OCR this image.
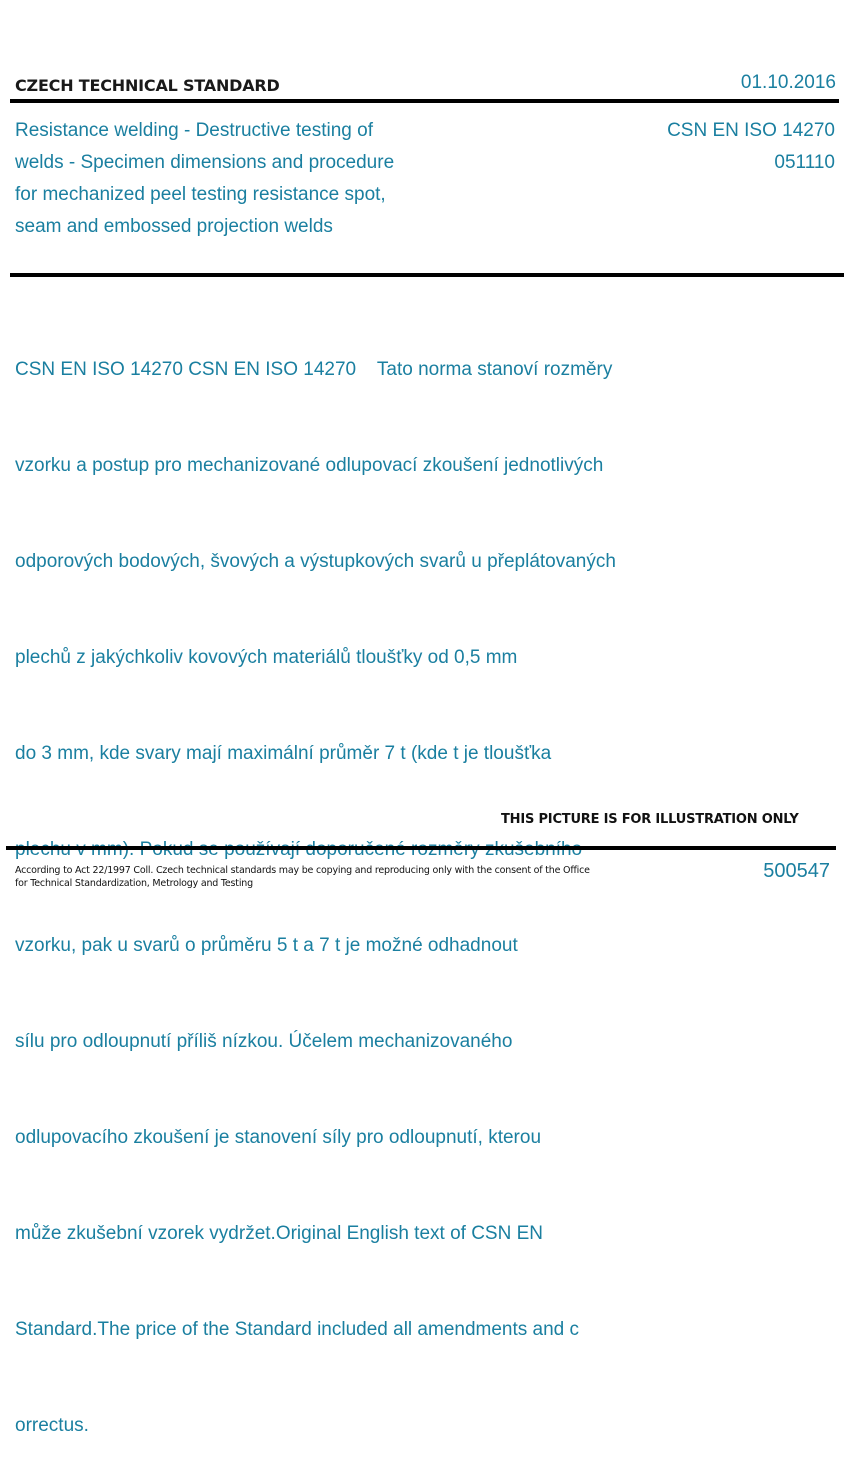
CZECH TECHNICAL STANDARD	01.10.2016
Resistance welding - Destructive testing of
welds - Specimen dimensions and procedure
for mechanized peel testing resistance spot,
seam and embossed projection welds
CSN EN ISO 14270
051110

CSN EN ISO 14270 CSN EN ISO 14270    Tato norma stanoví rozměry

vzorku a postup pro mechanizované odlupovací zkoušení jednotlivých

odporových bodových, švových a výstupkových svarů u přeplátovaných

plechů z jakýchkoliv kovových materiálů tloušťky od 0,5 mm

do 3 mm, kde svary mají maximální průměr 7 t (kde t je tloušťka

vzorku, pak u svarů o průměru 5 t a 7 t je možné odhadnout

sílu pro odloupnutí příliš nízkou. Účelem mechanizovaného

odlupovacího zkoušení je stanovení síly pro odloupnutí, kterou

může zkušební vzorek vydržet.Original English text of CSN EN

Standard.The price of the Standard included all amendments and c

orrectus.

THIS PICTURE IS FOR ILLUSTRATION ONLY
According to Act 22/1997 Coll. Czech technical standards may be copying and reproducing only with the consent of the Office
for Technical Standardization, Metrology and Testing
500547
